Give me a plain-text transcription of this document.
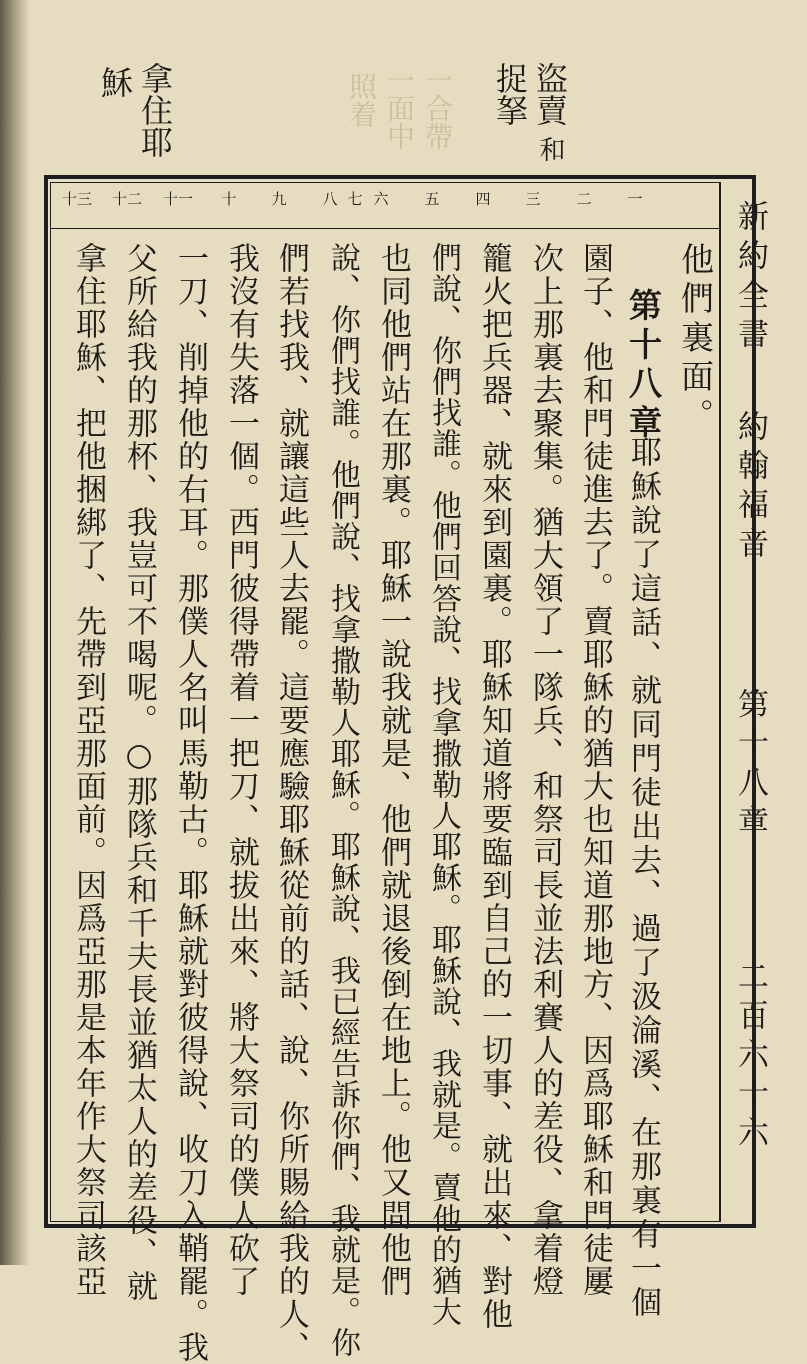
盜賣
捉拏
和
拿住耶
穌	一合帶
一面中
照着
新約全書
約翰福音
第十八章
二百六十六
一
二
三
四
五
六
七
八
九
十
十一
十二
十三
他們裏面。
第十八章
耶穌說了這話、就同門徒出去、過了汲淪溪、在那裏有一個
園子、他和門徒進去了。賣耶穌的猶大也知道那地方、因爲耶穌和門徒屢
次上那裏去聚集。猶大領了一隊兵、和祭司長並法利賽人的差役、拿着燈
籠火把兵器、就來到園裏。耶穌知道將要臨到自己的一切事、就出來、對他
們說、你們找誰。他們回答說、找拿撒勒人耶穌。耶穌說、我就是。賣他的猶大
也同他們站在那裏。耶穌一說我就是、他們就退後倒在地上。他又問他們
說、你們找誰。他們說、找拿撒勒人耶穌。耶穌說、我已經告訴你們、我就是。你
們若找我、就讓這些人去罷。這要應驗耶穌從前的話、說、你所賜給我的人、
我沒有失落一個。西門彼得帶着一把刀、就拔出來、將大祭司的僕人砍了
一刀、削掉他的右耳。那僕人名叫馬勒古。耶穌就對彼得說、收刀入鞘罷。我
父所給我的那杯、我豈可不喝呢。○那隊兵和千夫長並猶太人的差役、就
拿住耶穌、把他捆綁了、先帶到亞那面前。因爲亞那是本年作大祭司該亞
